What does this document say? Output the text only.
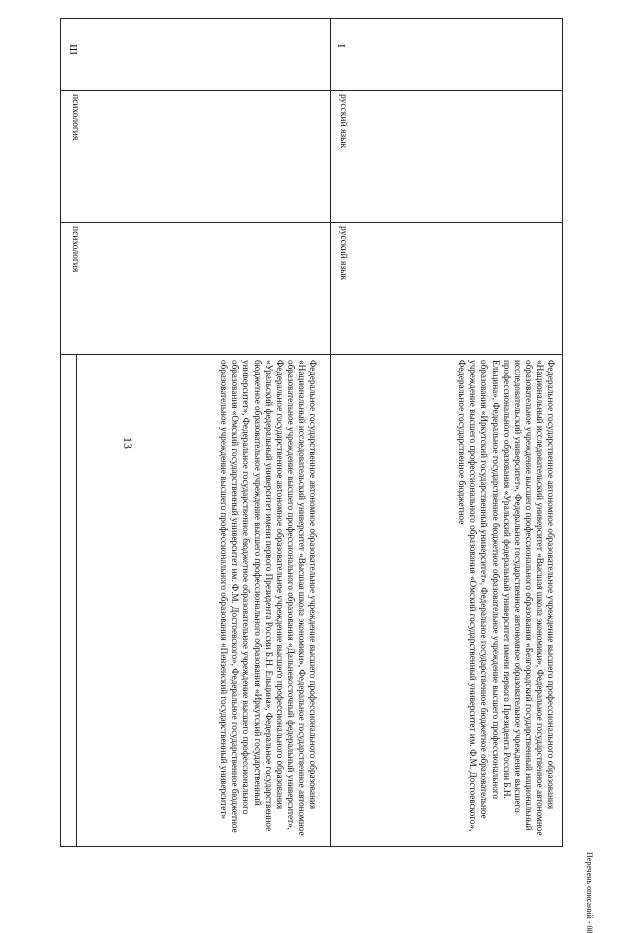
13
Перечень описаний - 08

Федеральное государственное автономное образовательное учреждение высшего профессионального образования «Национальный исследовательский университет «Высшая школа экономики», Федеральное государственное автономное образовательное учреждение высшего профессионального образования «Дальневосточный федеральный университет», Федеральное государственное автономное образовательное учреждение высшего профессионального образования «Уральский федеральный университет имени первого Президента России Б.Н. Ельцина», Федеральное государственное бюджетное образовательное учреждение высшего профессионального образования «Иркутский государственный университет», Федеральное государственное бюджетное образовательное учреждение высшего профессионального образования «Омский государственный университет им. Ф.М. Достоевского», Федеральное государственное бюджетное образовательное учреждение высшего профессионального образования «Пензенский государственный университет»

психология
психология
III

Федеральное государственное автономное образовательное учреждение высшего профессионального образования «Национальный исследовательский университет «Высшая школа экономики», Федеральное государственное автономное образовательное учреждение высшего профессионального образования «Белгородский государственный национальный исследовательский университет», Федеральное государственное автономное образовательное учреждение высшего профессионального образования «Уральский федеральный университет имени первого Президента России Б.Н. Ельцина», Федеральное государственное бюджетное образовательное учреждение высшего профессионального образования «Иркутский государственный университет», Федеральное государственное бюджетное образовательное учреждение высшего профессионального образования «Омский государственный университет им. Ф.М. Достоевского», Федеральное государственное бюджетное

русский язык
русский язык
I
